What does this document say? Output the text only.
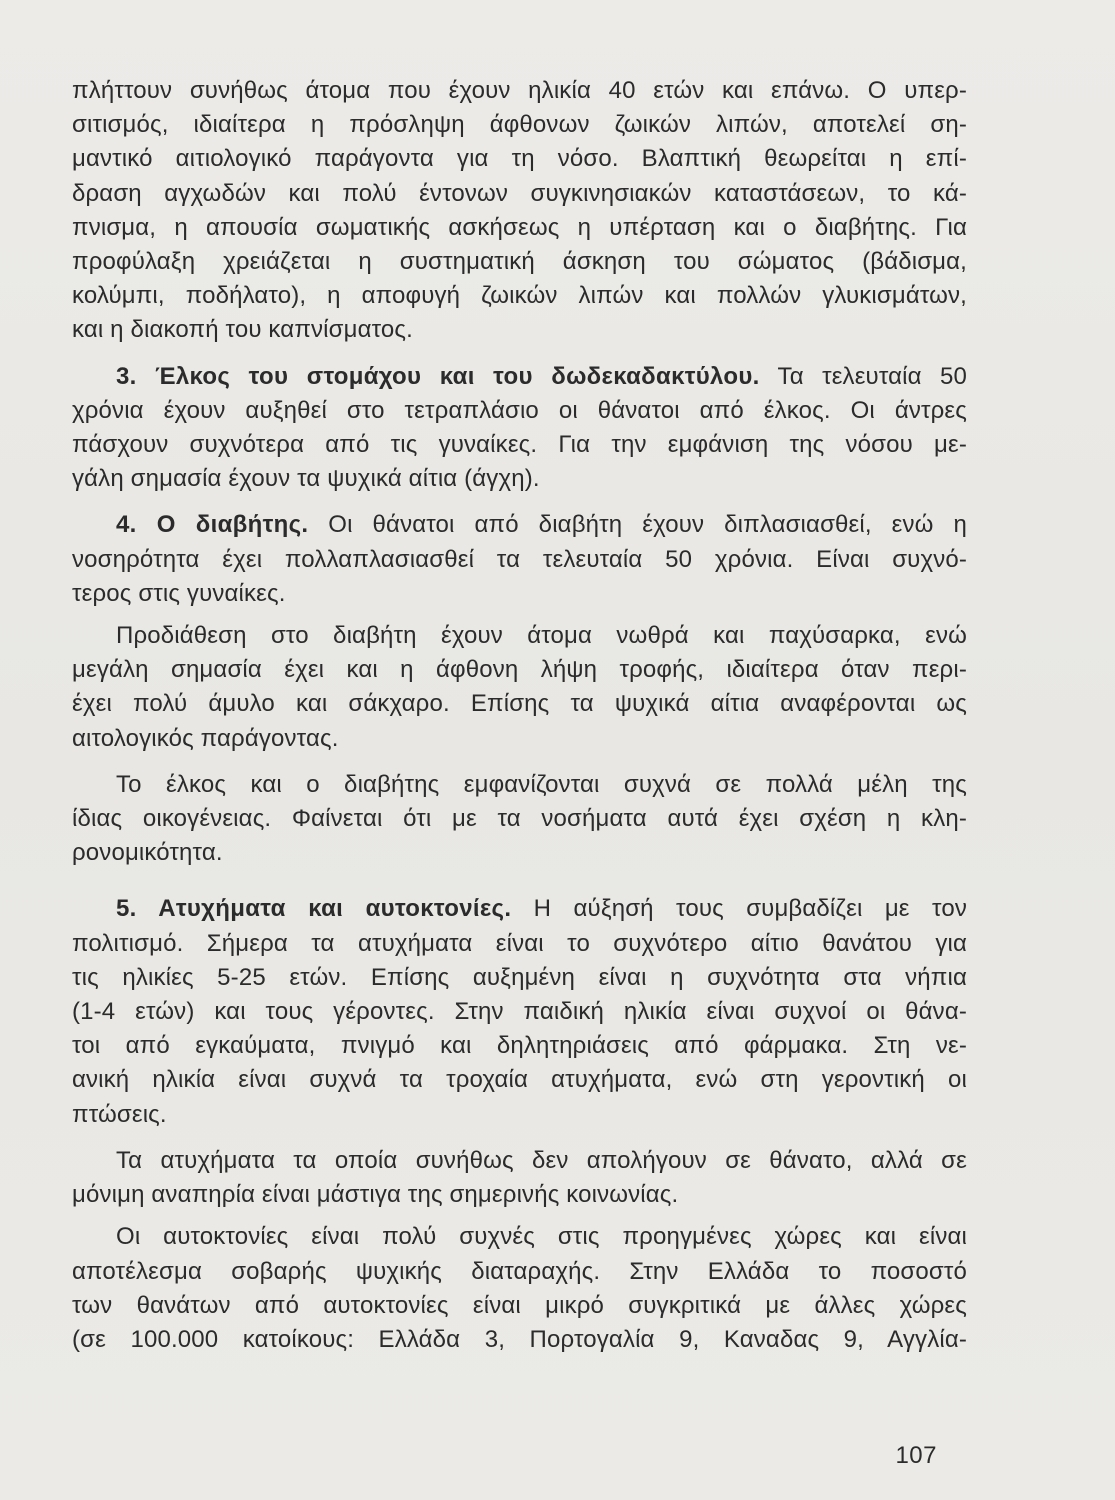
πλήττουν συνήθως άτομα που έχουν ηλικία 40 ετών και επάνω. Ο υπερ-
σιτισμός, ιδιαίτερα η πρόσληψη άφθονων ζωικών λιπών, αποτελεί ση-
μαντικό αιτιολογικό παράγοντα για τη νόσο. Βλαπτική θεωρείται η επί-
δραση αγχωδών και πολύ έντονων συγκινησιακών καταστάσεων, το κά-
πνισμα, η απουσία σωματικής ασκήσεως η υπέρταση και ο διαβήτης. Για
προφύλαξη χρειάζεται η συστηματική άσκηση του σώματος (βάδισμα,
κολύμπι, ποδήλατο), η αποφυγή ζωικών λιπών και πολλών γλυκισμάτων,
και η διακοπή του καπνίσματος.
3. Έλκος του στομάχου και του δωδεκαδακτύλου. Τα τελευταία 50
χρόνια έχουν αυξηθεί στο τετραπλάσιο οι θάνατοι από έλκος. Οι άντρες
πάσχουν συχνότερα από τις γυναίκες. Για την εμφάνιση της νόσου με-
γάλη σημασία έχουν τα ψυχικά αίτια (άγχη).
4. Ο διαβήτης. Οι θάνατοι από διαβήτη έχουν διπλασιασθεί, ενώ η
νοσηρότητα έχει πολλαπλασιασθεί τα τελευταία 50 χρόνια. Είναι συχνό-
τερος στις γυναίκες.
Προδιάθεση στο διαβήτη έχουν άτομα νωθρά και παχύσαρκα, ενώ
μεγάλη σημασία έχει και η άφθονη λήψη τροφής, ιδιαίτερα όταν περι-
έχει πολύ άμυλο και σάκχαρο. Επίσης τα ψυχικά αίτια αναφέρονται ως
αιτολογικός παράγοντας.
Το έλκος και ο διαβήτης εμφανίζονται συχνά σε πολλά μέλη της
ίδιας οικογένειας. Φαίνεται ότι με τα νοσήματα αυτά έχει σχέση η κλη-
ρονομικότητα.
5. Ατυχήματα και αυτοκτονίες. Η αύξησή τους συμβαδίζει με τον
πολιτισμό. Σήμερα τα ατυχήματα είναι το συχνότερο αίτιο θανάτου για
τις ηλικίες 5-25 ετών. Επίσης αυξημένη είναι η συχνότητα στα νήπια
(1-4 ετών) και τους γέροντες. Στην παιδική ηλικία είναι συχνοί οι θάνα-
τοι από εγκαύματα, πνιγμό και δηλητηριάσεις από φάρμακα. Στη νε-
ανική ηλικία είναι συχνά τα τροχαία ατυχήματα, ενώ στη γεροντική οι
πτώσεις.
Τα ατυχήματα τα οποία συνήθως δεν απολήγουν σε θάνατο, αλλά σε
μόνιμη αναπηρία είναι μάστιγα της σημερινής κοινωνίας.
Οι αυτοκτονίες είναι πολύ συχνές στις προηγμένες χώρες και είναι
αποτέλεσμα σοβαρής ψυχικής διαταραχής. Στην Ελλάδα το ποσοστό
των θανάτων από αυτοκτονίες είναι μικρό συγκριτικά με άλλες χώρες
(σε 100.000 κατοίκους: Ελλάδα 3, Πορτογαλία 9, Καναδας 9, Αγγλία-
107
